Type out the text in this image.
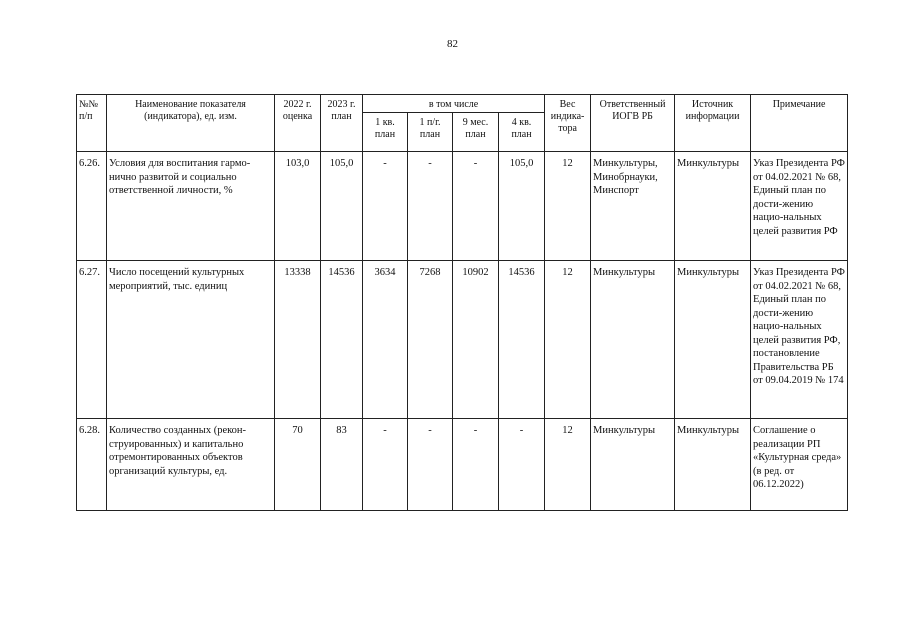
82
№№ п/п	Наименование показателя (индикатора), ед. изм.	2022 г. оценка	2023 г. план	в том числе				Вес индика-тора	Ответственный ИОГВ РБ	Источник информации	Примечание
				1 кв. план	1 п/г. план	9 мес. план	4 кв. план				
6.26.	Условия для воспитания гармо-нично развитой и социально ответственной личности, %	103,0	105,0	-	-	-	105,0	12	Минкультуры, Минобрнауки, Минспорт	Минкультуры	Указ Президента РФ от 04.02.2021 № 68, Единый план по дости-жению нацио-нальных целей развития РФ
6.27.	Число посещений культурных мероприятий, тыс. единиц	13338	14536	3634	7268	10902	14536	12	Минкультуры	Минкультуры	Указ Президента РФ от 04.02.2021 № 68, Единый план по дости-жению нацио-нальных целей развития РФ, постановление Правительства РБ от 09.04.2019 № 174
6.28.	Количество созданных (рекон-струированных) и капитально отремонтированных объектов организаций культуры, ед.	70	83	-	-	-	-	12	Минкультуры	Минкультуры	Соглашение о реализации РП «Культурная среда» (в ред. от 06.12.2022)
